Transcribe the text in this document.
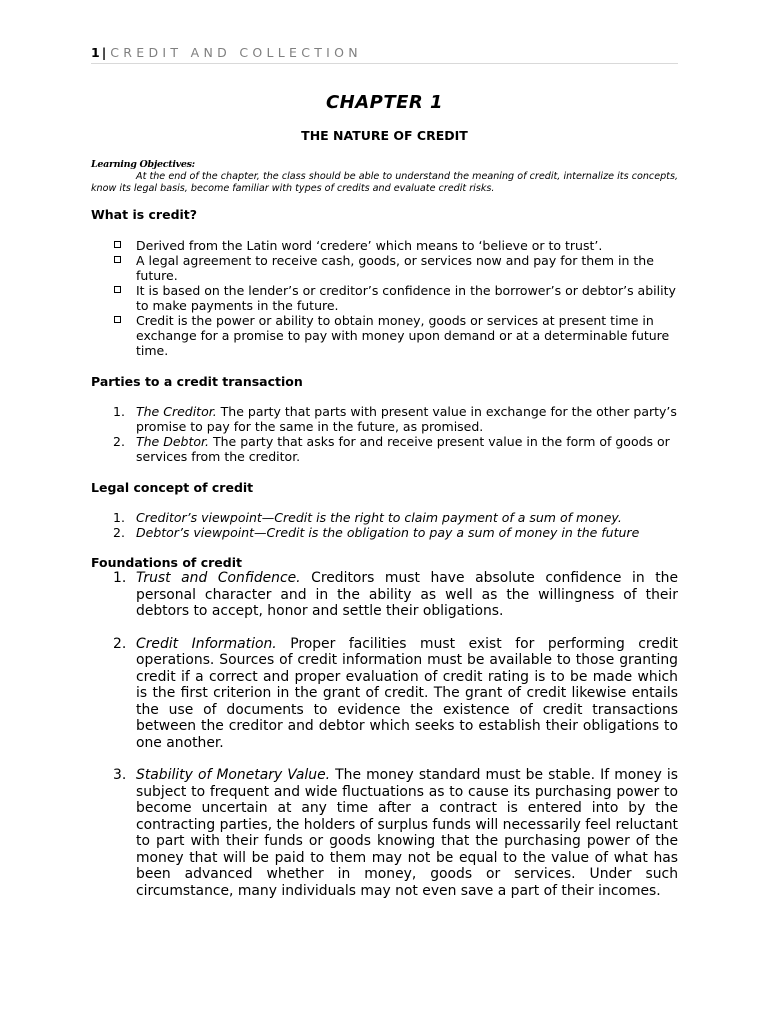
1 | CREDIT AND COLLECTION
CHAPTER 1
THE NATURE OF CREDIT
Learning Objectives:
At the end of the chapter, the class should be able to understand the meaning of credit, internalize its concepts, know its legal basis, become familiar with types of credits and evaluate credit risks.
What is credit?
Derived from the Latin word ‘credere’ which means to ‘believe or to trust’.
A legal agreement to receive cash, goods, or services now and pay for them in the future.
It is based on the lender’s or creditor’s confidence in the borrower’s or debtor’s ability to make payments in the future.
Credit is the power or ability to obtain money, goods or services at present time in exchange for a promise to pay with money upon demand or at a determinable future time.
Parties to a credit transaction
1. The Creditor. The party that parts with present value in exchange for the other party’s promise to pay for the same in the future, as promised.
2. The Debtor. The party that asks for and receive present value in the form of goods or services from the creditor.
Legal concept of credit
1. Creditor’s viewpoint—Credit is the right to claim payment of a sum of money.
2. Debtor’s viewpoint—Credit is the obligation to pay a sum of money in the future
Foundations of credit
1. Trust and Confidence. Creditors must have absolute confidence in the personal character and in the ability as well as the willingness of their debtors to accept, honor and settle their obligations.
2. Credit Information. Proper facilities must exist for performing credit operations. Sources of credit information must be available to those granting credit if a correct and proper evaluation of credit rating is to be made which is the first criterion in the grant of credit. The grant of credit likewise entails the use of documents to evidence the existence of credit transactions between the creditor and debtor which seeks to establish their obligations to one another.
3. Stability of Monetary Value. The money standard must be stable. If money is subject to frequent and wide fluctuations as to cause its purchasing power to become uncertain at any time after a contract is entered into by the contracting parties, the holders of surplus funds will necessarily feel reluctant to part with their funds or goods knowing that the purchasing power of the money that will be paid to them may not be equal to the value of what has been advanced whether in money, goods or services. Under such circumstance, many individuals may not even save a part of their incomes.
